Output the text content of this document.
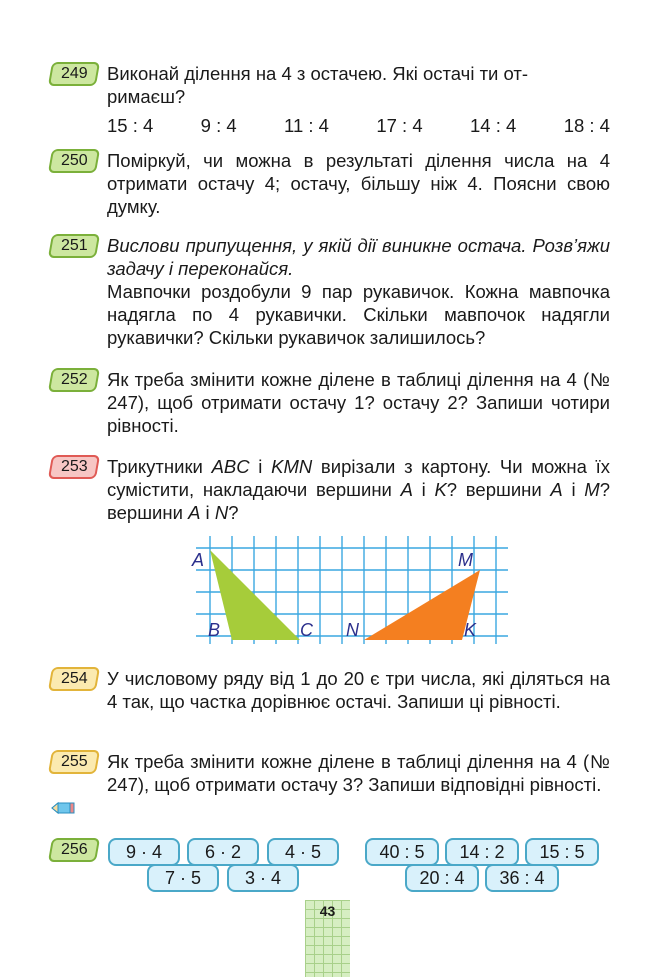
249	Виконай ділення на 4 з остачею. Які остачі ти от-

римаєш?

15 : 4	9 : 4	11 : 4	17 : 4	14 : 4	18 : 4
250	Поміркуй, чи можна в результаті ділення числа на 4 отримати остачу 4; остачу, більшу ніж 4. Поясни свою думку.
251	Вислови припущення, у якій дії виникне остача. Розв’яжи задачу і переконайся.

Мавпочки роздобули 9 пар рукавичок. Кожна мавпочка надягла по 4 рукавички. Скільки мавпочок надягли рукавички? Скільки рукавичок залишилось?

252	Як треба змінити кожне ділене в таблиці ділення на 4 (№ 247), щоб отримати остачу 1? остачу 2? Запиши чотири рівності.
253	Трикутники ABC і KMN вирізали з картону. Чи можна їх сумістити, накладаючи вершини A і K? вершини A і M? вершини A і N?
A
B	C N
M
K
254	У числовому ряду від 1 до 20 є три числа, які діляться на 4 так, що частка дорівнює остачі. Запиши ці рівності.
255	Як треба змінити кожне ділене в таблиці ділення на 4 (№ 247), щоб отримати остачу 3? Запиши відповідні рівності.
256	9 · 4	6 · 2	4 · 5
7 · 5	3 · 4
40 : 5	14 : 2	15 : 5
20 : 4	36 : 4
43
